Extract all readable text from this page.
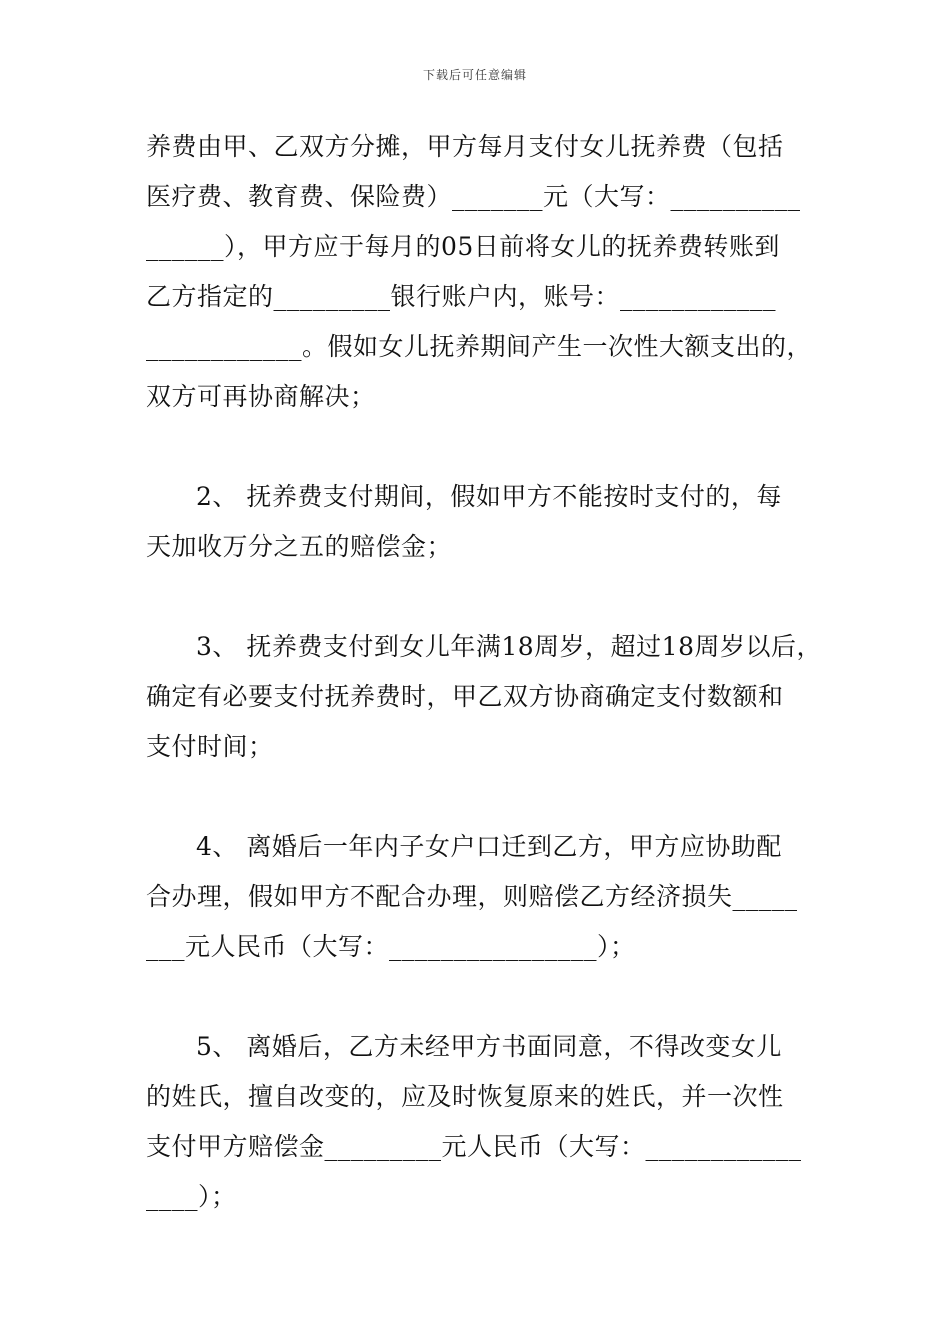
下载后可任意编辑
养费由甲、乙双方分摊，甲方每月支付女儿抚养费（包括
医疗费、教育费、保险费）_______元（大写：__________
______），甲方应于每月的05日前将女儿的抚养费转账到
乙方指定的_________银行账户内，账号：____________
____________。假如女儿抚养期间产生一次性大额支出的，
双方可再协商解决；
2、 抚养费支付期间，假如甲方不能按时支付的，每
天加收万分之五的赔偿金；
3、 抚养费支付到女儿年满18周岁，超过18周岁以后，
确定有必要支付抚养费时，甲乙双方协商确定支付数额和
支付时间；
4、 离婚后一年内子女户口迁到乙方，甲方应协助配
合办理，假如甲方不配合办理，则赔偿乙方经济损失_____
___元人民币（大写：________________）；
5、 离婚后，乙方未经甲方书面同意，不得改变女儿
的姓氏，擅自改变的，应及时恢复原来的姓氏，并一次性
支付甲方赔偿金_________元人民币（大写：____________
____）；
